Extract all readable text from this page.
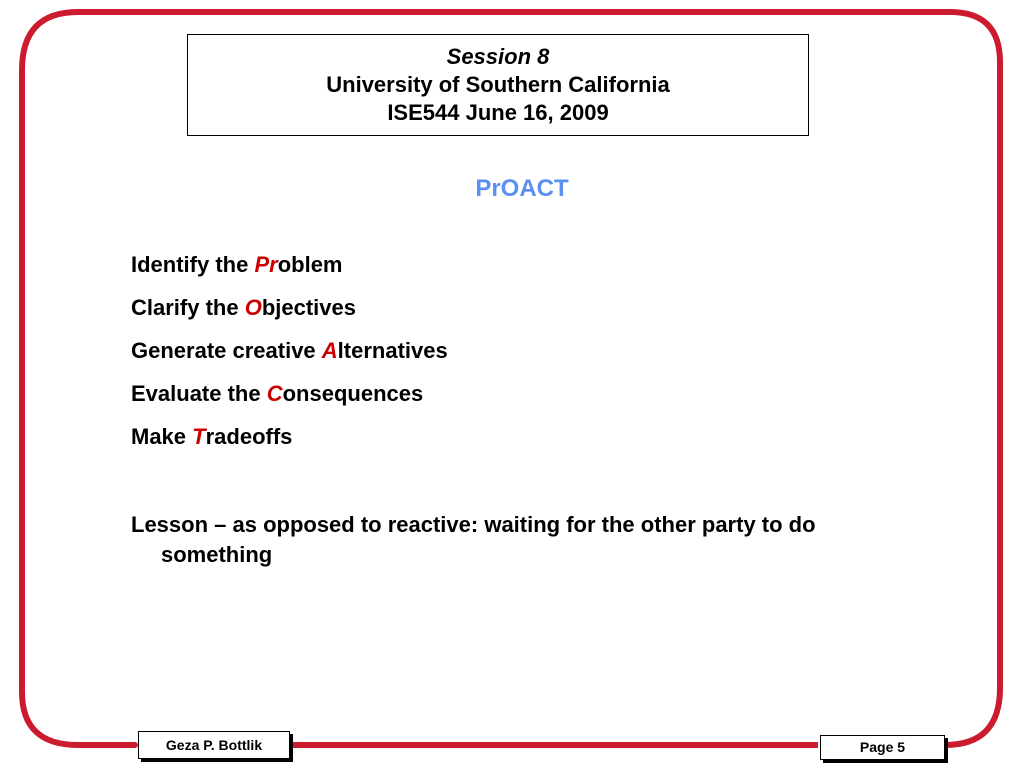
Session 8
University of Southern California
ISE544 June 16, 2009
PrOACT
Identify the Problem
Clarify the Objectives
Generate creative Alternatives
Evaluate the Consequences
Make Tradeoffs
Lesson – as opposed to reactive: waiting for the other party to do something
Geza P. Bottlik	Page 5
